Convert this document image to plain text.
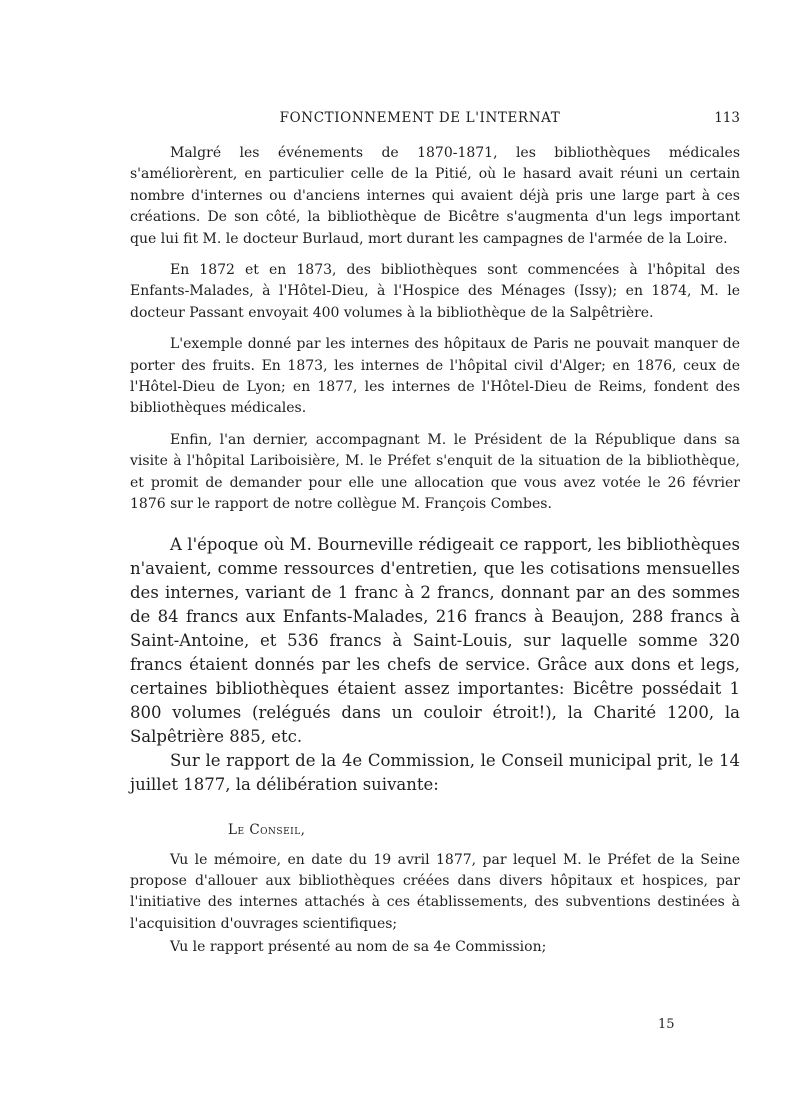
FONCTIONNEMENT DE L'INTERNAT	113

Malgré les événements de 1870-1871, les bibliothèques médicales s'améliorèrent, en particulier celle de la Pitié, où le hasard avait réuni un certain nombre d'internes ou d'anciens internes qui avaient déjà pris une large part à ces créations. De son côté, la bibliothèque de Bicêtre s'augmenta d'un legs important que lui fit M. le docteur Burlaud, mort durant les campagnes de l'armée de la Loire.

En 1872 et en 1873, des bibliothèques sont commencées à l'hôpital des Enfants-Malades, à l'Hôtel-Dieu, à l'Hospice des Ménages (Issy); en 1874, M. le docteur Passant envoyait 400 volumes à la bibliothèque de la Salpêtrière.

L'exemple donné par les internes des hôpitaux de Paris ne pouvait manquer de porter des fruits. En 1873, les internes de l'hôpital civil d'Alger; en 1876, ceux de l'Hôtel-Dieu de Lyon; en 1877, les internes de l'Hôtel-Dieu de Reims, fondent des bibliothèques médicales.

Enfin, l'an dernier, accompagnant M. le Président de la République dans sa visite à l'hôpital Lariboisière, M. le Préfet s'enquit de la situation de la bibliothèque, et promit de demander pour elle une allocation que vous avez votée le 26 février 1876 sur le rapport de notre collègue M. François Combes.

A l'époque où M. Bourneville rédigeait ce rapport, les bibliothèques n'avaient, comme ressources d'entretien, que les cotisations mensuelles des internes, variant de 1 franc à 2 francs, donnant par an des sommes de 84 francs aux Enfants-Malades, 216 francs à Beaujon, 288 francs à Saint-Antoine, et 536 francs à Saint-Louis, sur laquelle somme 320 francs étaient donnés par les chefs de service. Grâce aux dons et legs, certaines bibliothèques étaient assez importantes: Bicêtre possédait 1 800 volumes (relégués dans un couloir étroit!), la Charité 1200, la Salpêtrière 885, etc.

Sur le rapport de la 4e Commission, le Conseil municipal prit, le 14 juillet 1877, la délibération suivante:

Le Conseil,

Vu le mémoire, en date du 19 avril 1877, par lequel M. le Préfet de la Seine propose d'allouer aux bibliothèques créées dans divers hôpitaux et hospices, par l'initiative des internes attachés à ces établissements, des subventions destinées à l'acquisition d'ouvrages scientifiques;

Vu le rapport présenté au nom de sa 4e Commission;

15
